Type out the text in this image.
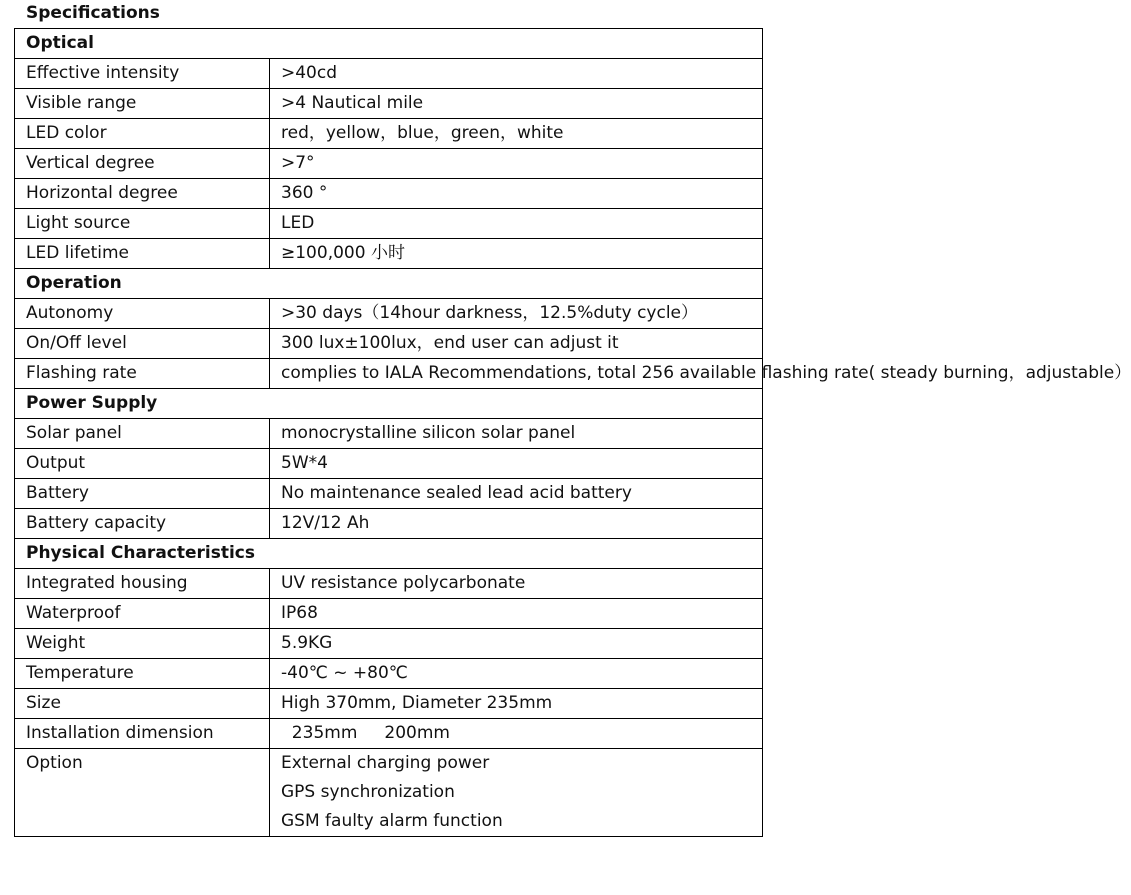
Specifications
Optical	
Effective intensity	>40cd
Visible range	>4 Nautical mile
LED color	red，yellow，blue，green，white
Vertical degree	>7°
Horizontal degree	360 °
Light source	LED
LED lifetime	≥100,000 小时
Operation	
Autonomy	>30 days（14hour darkness，12.5%duty cycle）
On/Off level	300 lux±100lux，end user can adjust it
Flashing rate	complies to IALA Recommendations, total 256 available flashing rate( steady burning，adjustable）
Power Supply	
Solar panel	monocrystalline silicon solar panel
Output	5W*4
Battery	No maintenance sealed lead acid battery
Battery capacity	12V/12 Ah
Physical Characteristics	
Integrated housing	UV resistance polycarbonate
Waterproof	IP68
Weight	5.9KG
Temperature	-40℃ ~ +80℃
Size	High 370mm, Diameter 235mm
Installation dimension	235mm     200mm
Option	External charging power
GPS synchronization
GSM faulty alarm function
